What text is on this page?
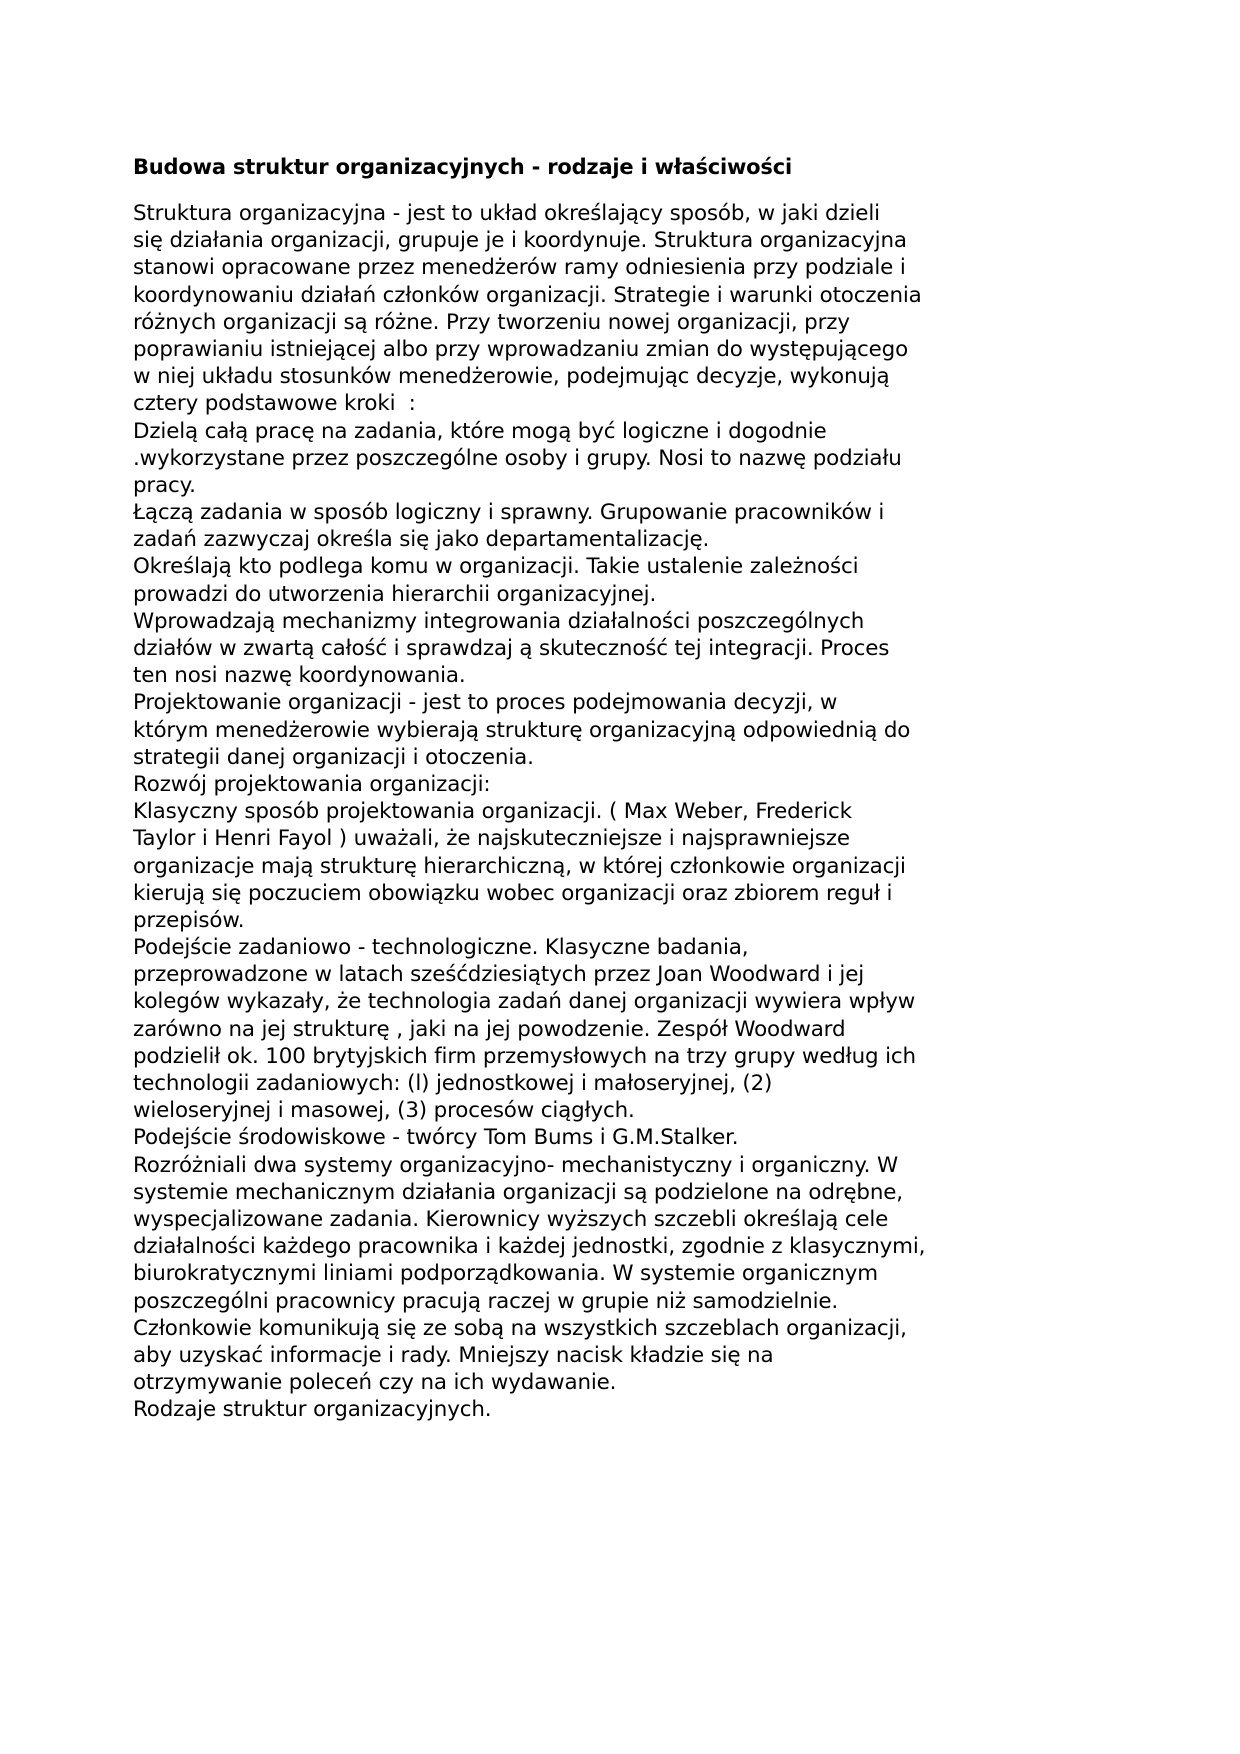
Budowa struktur organizacyjnych - rodzaje i właściwości
Struktura organizacyjna - jest to układ określający sposób, w jaki dzieli
się działania organizacji, grupuje je i koordynuje. Struktura organizacyjna
stanowi opracowane przez menedżerów ramy odniesienia przy podziale i
koordynowaniu działań członków organizacji. Strategie i warunki otoczenia
różnych organizacji są różne. Przy tworzeniu nowej organizacji, przy
poprawianiu istniejącej albo przy wprowadzaniu zmian do występującego
w niej układu stosunków menedżerowie, podejmując decyzje, wykonują
cztery podstawowe kroki  :
Dzielą całą pracę na zadania, które mogą być logiczne i dogodnie
.wykorzystane przez poszczególne osoby i grupy. Nosi to nazwę podziału
pracy.
Łączą zadania w sposób logiczny i sprawny. Grupowanie pracowników i
zadań zazwyczaj określa się jako departamentalizację.
Określają kto podlega komu w organizacji. Takie ustalenie zależności
prowadzi do utworzenia hierarchii organizacyjnej.
Wprowadzają mechanizmy integrowania działalności poszczególnych
działów w zwartą całość i sprawdzaj ą skuteczność tej integracji. Proces
ten nosi nazwę koordynowania.
Projektowanie organizacji - jest to proces podejmowania decyzji, w
którym menedżerowie wybierają strukturę organizacyjną odpowiednią do
strategii danej organizacji i otoczenia.
Rozwój projektowania organizacji:
Klasyczny sposób projektowania organizacji. ( Max Weber, Frederick
Taylor i Henri Fayol ) uważali, że najskuteczniejsze i najsprawniejsze
organizacje mają strukturę hierarchiczną, w której członkowie organizacji
kierują się poczuciem obowiązku wobec organizacji oraz zbiorem reguł i
przepisów.
Podejście zadaniowo - technologiczne. Klasyczne badania,
przeprowadzone w latach sześćdziesiątych przez Joan Woodward i jej
kolegów wykazały, że technologia zadań danej organizacji wywiera wpływ
zarówno na jej strukturę , jaki na jej powodzenie. Zespół Woodward
podzielił ok. 100 brytyjskich firm przemysłowych na trzy grupy według ich
technologii zadaniowych: (l) jednostkowej i małoseryjnej, (2)
wieloseryjnej i masowej, (3) procesów ciągłych.
Podejście środowiskowe - twórcy Tom Bums i G.M.Stalker.
Rozróżniali dwa systemy organizacyjno- mechanistyczny i organiczny. W
systemie mechanicznym działania organizacji są podzielone na odrębne,
wyspecjalizowane zadania. Kierownicy wyższych szczebli określają cele
działalności każdego pracownika i każdej jednostki, zgodnie z klasycznymi,
biurokratycznymi liniami podporządkowania. W systemie organicznym
poszczególni pracownicy pracują raczej w grupie niż samodzielnie.
Członkowie komunikują się ze sobą na wszystkich szczeblach organizacji,
aby uzyskać informacje i rady. Mniejszy nacisk kładzie się na
otrzymywanie poleceń czy na ich wydawanie.
Rodzaje struktur organizacyjnych.
